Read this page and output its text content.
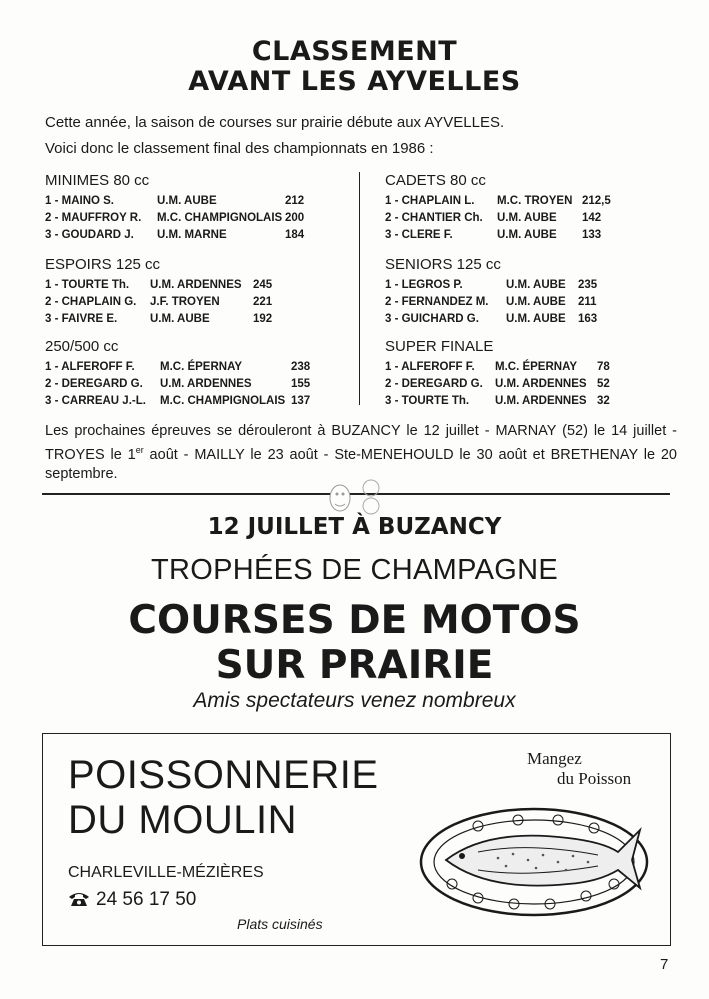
CLASSEMENT
AVANT LES AYVELLES
Cette année, la saison de courses sur prairie débute aux AYVELLES.
Voici donc le classement final des championnats en 1986 :
MINIMES 80 cc
1 - MAINO S.	U.M. AUBE	212
2 - MAUFFROY R. M.C. CHAMPIGNOLAIS 200
3 - GOUDARD J. U.M. MARNE	184
ESPOIRS 125 cc
1 - TOURTE Th. U.M. ARDENNES 245
2 - CHAPLAIN G. J.F. TROYEN	221
3 - FAIVRE E.	U.M. AUBE	192
250/500 cc
1 - ALFEROFF F. M.C. ÉPERNAY	238
2 - DEREGARD G. U.M. ARDENNES	155
3 - CARREAU J.-L. M.C. CHAMPIGNOLAIS 137
CADETS 80 cc
1 - CHAPLAIN L. M.C. TROYEN 212,5
2 - CHANTIER Ch. U.M. AUBE 142
3 - CLERE F.	U.M. AUBE 133
SENIORS 125 cc
1 - LEGROS P.	U.M. AUBE 235
2 - FERNANDEZ M. U.M. AUBE 211
3 - GUICHARD G. U.M. AUBE 163
SUPER FINALE
1 - ALFEROFF F. M.C. ÉPERNAY 78
2 - DEREGARD G. U.M. ARDENNES 52
3 - TOURTE Th. U.M. ARDENNES 32
Les prochaines épreuves se dérouleront à BUZANCY le 12 juillet - MARNAY (52) le 14 juillet - TROYES le 1er août - MAILLY le 23 août - Ste-MENEHOULD le 30 août et BRETHENAY le 20 septembre.
12 JUILLET À BUZANCY
TROPHÉES DE CHAMPAGNE
COURSES DE MOTOS
SUR PRAIRIE
Amis spectateurs venez nombreux
POISSONNERIE
DU MOULIN
CHARLEVILLE-MÉZIÈRES
24 56 17 50
Plats cuisinés
Mangez
du Poisson
7
